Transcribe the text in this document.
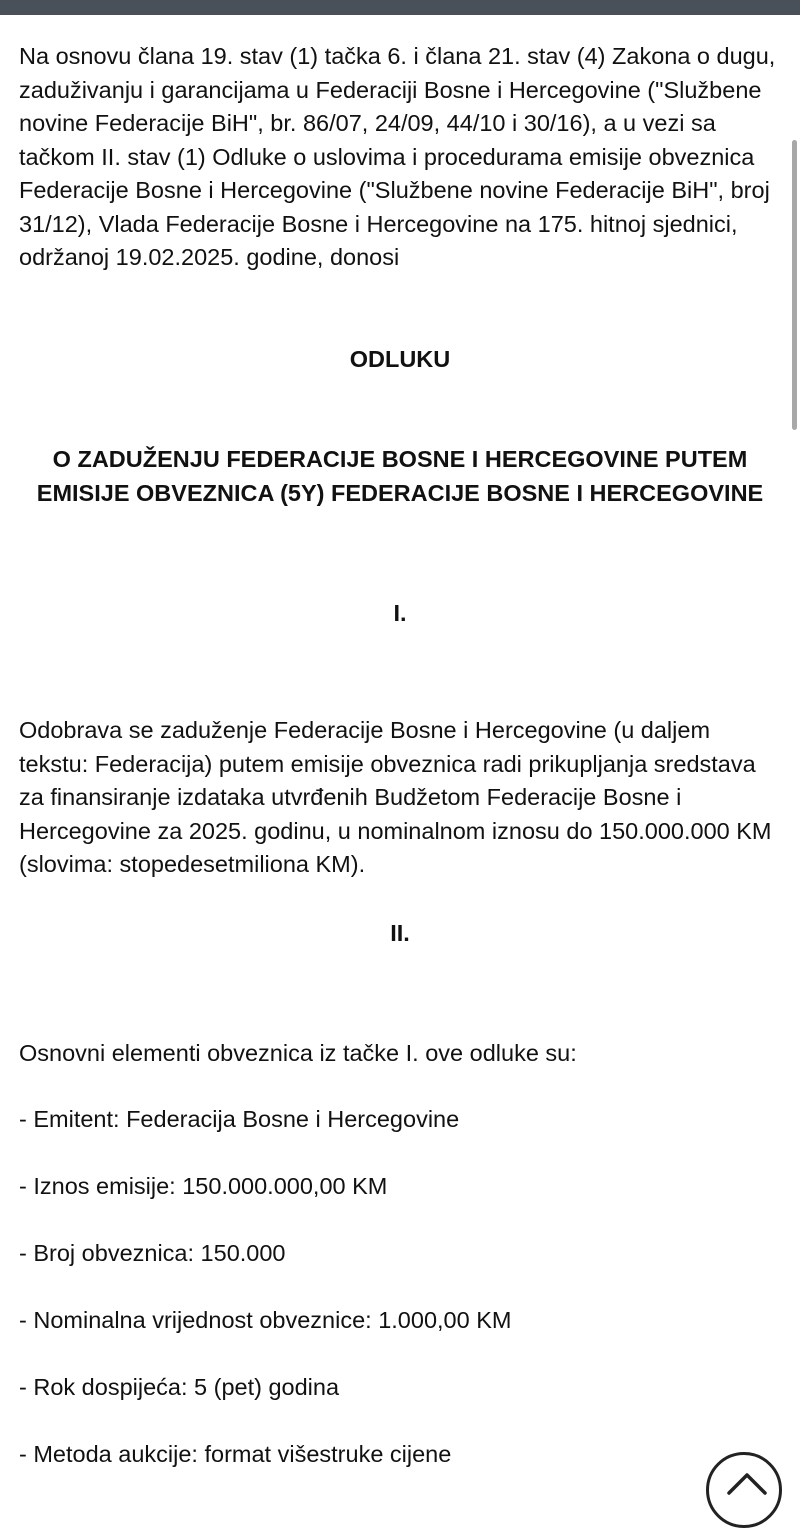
Na osnovu člana 19. stav (1) tačka 6. i člana 21. stav (4) Zakona o dugu, zaduživanju i garancijama u Federaciji Bosne i Hercegovine ("Službene novine Federacije BiH", br. 86/07, 24/09, 44/10 i 30/16), a u vezi sa tačkom II. stav (1) Odluke o uslovima i procedurama emisije obveznica Federacije Bosne i Hercegovine ("Službene novine Federacije BiH", broj 31/12), Vlada Federacije Bosne i Hercegovine na 175. hitnoj sjednici, održanoj 19.02.2025. godine, donosi

ODLUKU

O ZADUŽENJU FEDERACIJE BOSNE I HERCEGOVINE PUTEM

EMISIJE OBVEZNICA (5Y) FEDERACIJE BOSNE I HERCEGOVINE

I.

Odobrava se zaduženje Federacije Bosne i Hercegovine (u daljem tekstu: Federacija) putem emisije obveznica radi prikupljanja sredstava za finansiranje izdataka utvrđenih Budžetom Federacije Bosne i Hercegovine za 2025. godinu, u nominalnom iznosu do 150.000.000 KM (slovima: stopedesetmiliona KM).

II.

Osnovni elementi obveznica iz tačke I. ove odluke su:

- Emitent: Federacija Bosne i Hercegovine

- Iznos emisije: 150.000.000,00 KM

- Broj obveznica: 150.000

- Nominalna vrijednost obveznice: 1.000,00 KM

- Rok dospijeća: 5 (pet) godina

- Metoda aukcije: format višestruke cijene
